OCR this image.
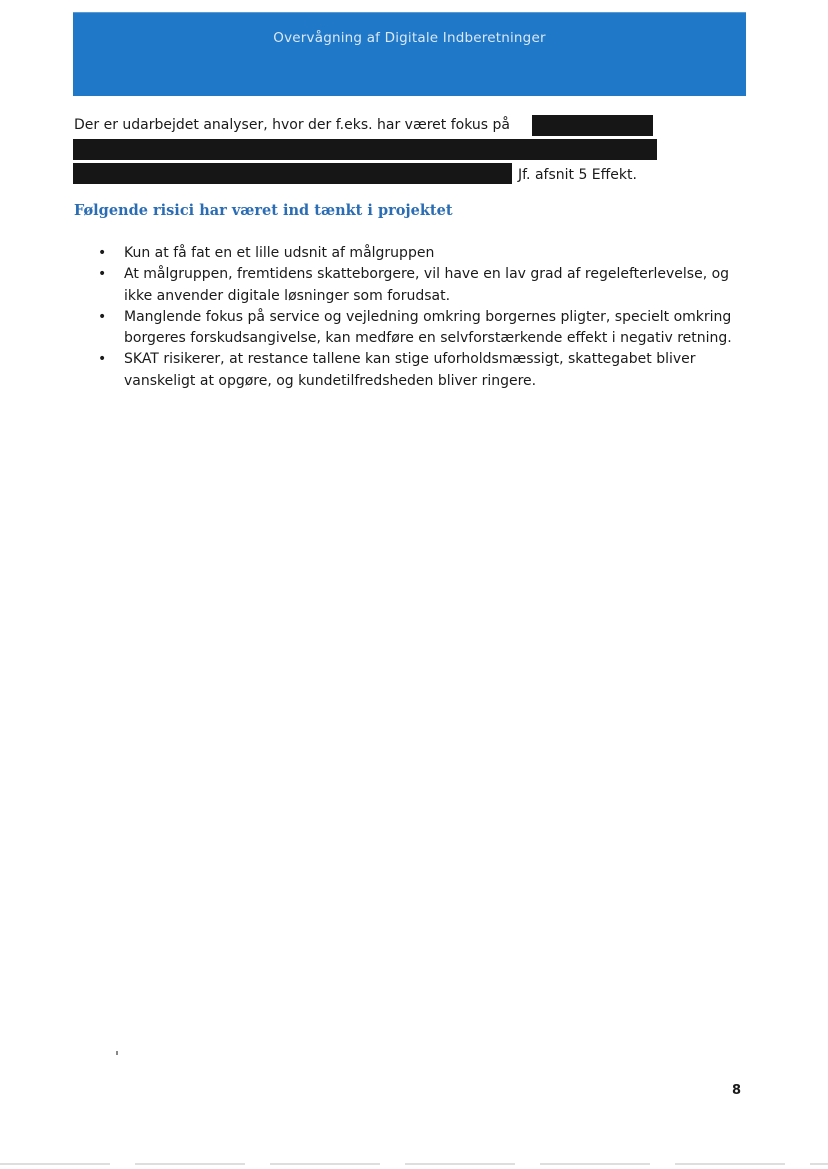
Overvågning af Digitale Indberetninger
Der er udarbejdet analyser, hvor der f.eks. har været fokus på
Jf. afsnit 5 Effekt.
Følgende risici har været ind tænkt i projektet
• Kun at få fat en et lille udsnit af målgruppen
• At målgruppen, fremtidens skatteborgere, vil have en lav grad af regelefterlevelse, og ikke anvender digitale løsninger som forudsat.
• Manglende fokus på service og vejledning omkring borgernes pligter, specielt omkring borgeres forskudsangivelse, kan medføre en selvforstærkende effekt i negativ retning.
• SKAT risikerer, at restance tallene kan stige uforholdsmæssigt, skattegabet bliver vanskeligt at opgøre, og kundetilfredsheden bliver ringere.
8
